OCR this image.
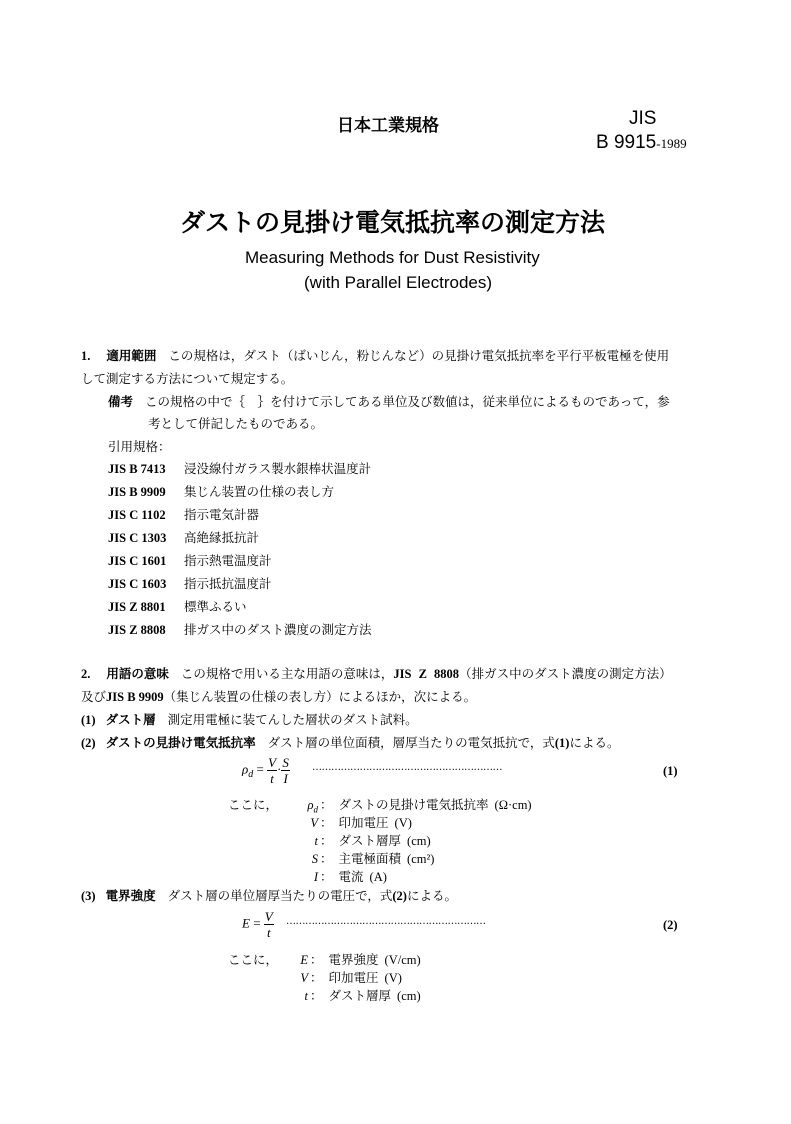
日本工業規格	JIS
B 9915-1989
ダストの見掛け電気抵抗率の測定方法
Measuring Methods for Dust Resistivity
(with Parallel Electrodes)
1. 適用範囲 この規格は，ダスト（ばいじん，粉じんなど）の見掛け電気抵抗率を平行平板電極を使用
して測定する方法について規定する。
備考 この規格の中で｛　｝を付けて示してある単位及び数値は，従来単位によるものであって，参
考として併記したものである。
引用規格：
JIS B 7413 浸没線付ガラス製水銀棒状温度計
JIS B 9909 集じん装置の仕様の表し方
JIS C 1102 指示電気計器
JIS C 1303 高絶縁抵抗計
JIS C 1601 指示熱電温度計
JIS C 1603 指示抵抗温度計
JIS Z 8801 標準ふるい
JIS Z 8808 排ガス中のダスト濃度の測定方法
2. 用語の意味 この規格で用いる主な用語の意味は，JIS Z 8808（排ガス中のダスト濃度の測定方法）
及びJIS B 9909（集じん装置の仕様の表し方）によるほか，次による。
(1) ダスト層 測定用電極に装てんした層状のダスト試料。
(2) ダストの見掛け電気抵抗率 ダスト層の単位面積，層厚当たりの電気抵抗で，式(1)による。
$\rho_d = \frac{V}{t} \cdot \frac{S}{I}$ ……………………………………………………	(1)
ここに，	$\rho_d$ ： ダストの見掛け電気抵抗率 (Ω·cm)
V ： 印加電圧 (V)
t ： ダスト層厚 (cm)
S ： 主電極面積 (cm²)
I ： 電流 (A)
(3) 電界強度 ダスト層の単位層厚当たりの電圧で，式(2)による。
$E = \frac{V}{t}$ ………………………………………………………	(2)
ここに，	E ： 電界強度 (V/cm)
V ： 印加電圧 (V)
t ： ダスト層厚 (cm)
